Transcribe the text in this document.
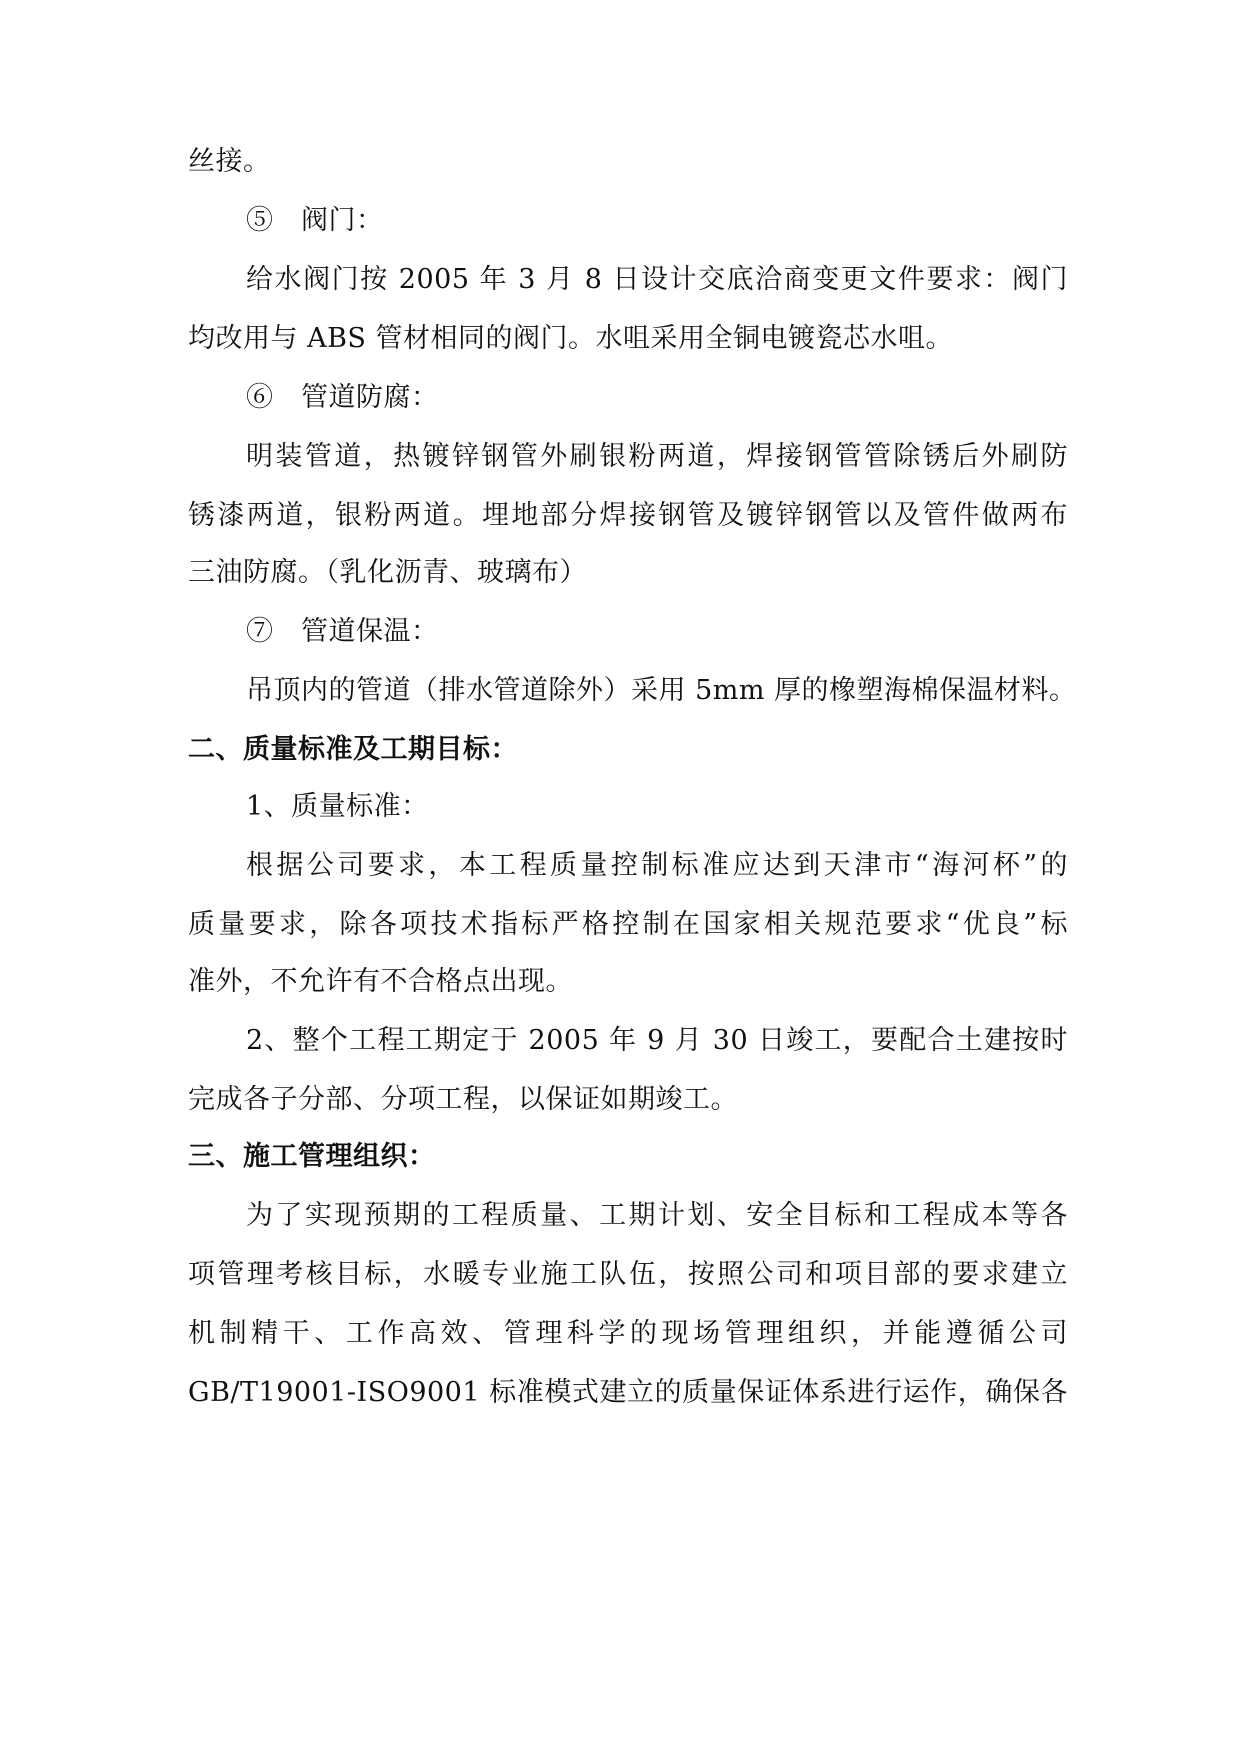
丝接。
⑤　阀门：
给水阀门按 2005 年 3 月 8 日设计交底洽商变更文件要求：阀门
均改用与 ABS 管材相同的阀门。水咀采用全铜电镀瓷芯水咀。
⑥　管道防腐：
明装管道，热镀锌钢管外刷银粉两道，焊接钢管管除锈后外刷防
锈漆两道，银粉两道。埋地部分焊接钢管及镀锌钢管以及管件做两布
三油防腐。（乳化沥青、玻璃布）
⑦　管道保温：
吊顶内的管道（排水管道除外）采用 5mm 厚的橡塑海棉保温材料。
二、质量标准及工期目标：
1、质量标准：
根据公司要求，本工程质量控制标准应达到天津市“海河杯”的
质量要求，除各项技术指标严格控制在国家相关规范要求“优良”标
准外，不允许有不合格点出现。
2、整个工程工期定于 2005 年 9 月 30 日竣工，要配合土建按时
完成各子分部、分项工程，以保证如期竣工。
三、施工管理组织：
为了实现预期的工程质量、工期计划、安全目标和工程成本等各
项管理考核目标，水暖专业施工队伍，按照公司和项目部的要求建立
机制精干、工作高效、管理科学的现场管理组织，并能遵循公司
GB/T19001-ISO9001 标准模式建立的质量保证体系进行运作，确保各
